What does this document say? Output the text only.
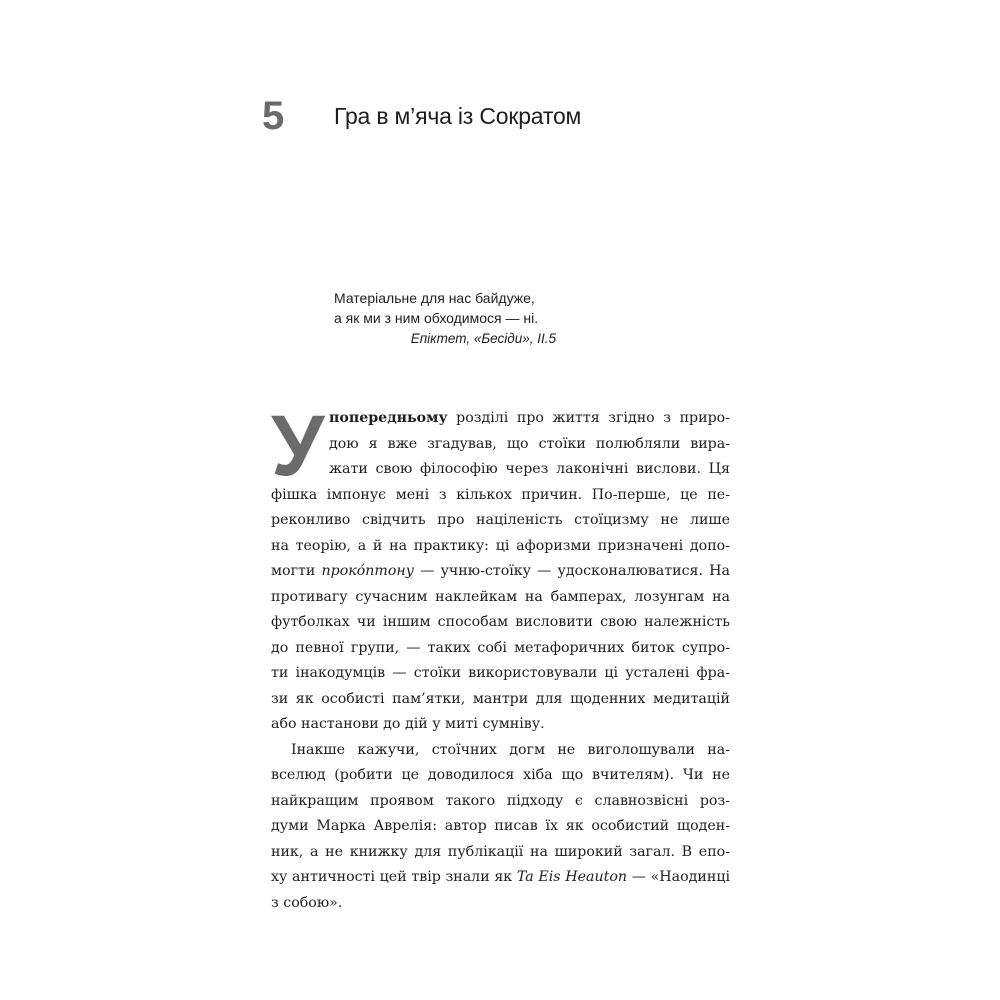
5	Гра в м’яча із Сократом
Матеріальне для нас байдуже,
а як ми з ним обходимося — ні.
Епіктет, «Бесіди», II.5
У попередньому розділі про життя згідно з приро-
дою я вже згадував, що стоїки полюбляли вира-
жати свою філософію через лаконічні вислови. Ця
фішка імпонує мені з кількох причин. По-перше, це пе-
реконливо свідчить про націленість стоїцизму не лише
на теорію, а й на практику: ці афоризми призначені допо-
могти прокóптону — учню-стоїку — удосконалюватися. На
противагу сучасним наклейкам на бамперах, лозунгам на
футболках чи іншим способам висловити свою належність
до певної групи, — таких собі метафоричних биток супро-
ти інакодумців — стоїки використовували ці усталені фра-
зи як особисті пам’ятки, мантри для щоденних медитацій
або настанови до дій у миті сумніву.
Інакше кажучи, стоїчних догм не виголошували на-
вселюд (робити це доводилося хіба що вчителям). Чи не
найкращим проявом такого підходу є славнозвісні роз-
думи Марка Аврелія: автор писав їх як особистий щоден-
ник, а не книжку для публікації на широкий загал. В епо-
ху античності цей твір знали як Ta Eis Heauton — «Наодинці
з собою».
